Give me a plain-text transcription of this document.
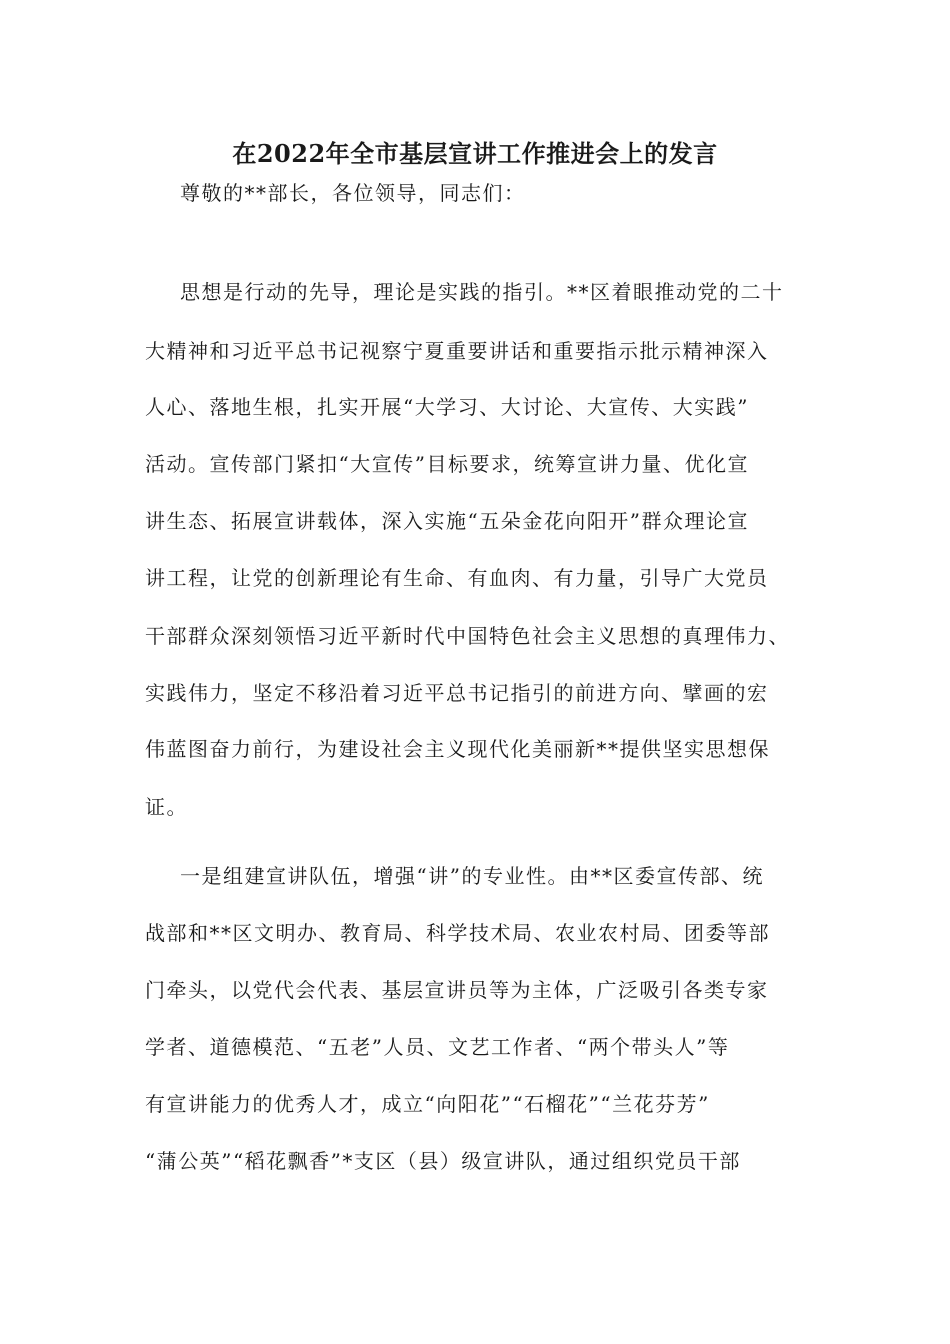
在2022年全市基层宣讲工作推进会上的发言
尊敬的**部长，各位领导，同志们：
思想是行动的先导，理论是实践的指引。**区着眼推动党的二十
大精神和习近平总书记视察宁夏重要讲话和重要指示批示精神深入
人心、落地生根，扎实开展“大学习、大讨论、大宣传、大实践”
活动。宣传部门紧扣“大宣传”目标要求，统筹宣讲力量、优化宣
讲生态、拓展宣讲载体，深入实施“五朵金花向阳开”群众理论宣
讲工程，让党的创新理论有生命、有血肉、有力量，引导广大党员
干部群众深刻领悟习近平新时代中国特色社会主义思想的真理伟力、
实践伟力，坚定不移沿着习近平总书记指引的前进方向、擘画的宏
伟蓝图奋力前行，为建设社会主义现代化美丽新**提供坚实思想保
证。
一是组建宣讲队伍，增强“讲”的专业性。由**区委宣传部、统
战部和**区文明办、教育局、科学技术局、农业农村局、团委等部
门牵头，以党代会代表、基层宣讲员等为主体，广泛吸引各类专家
学者、道德模范、“五老”人员、文艺工作者、“两个带头人”等
有宣讲能力的优秀人才，成立“向阳花”“石榴花”“兰花芬芳”
“蒲公英”“稻花飘香”*支区（县）级宣讲队，通过组织党员干部
